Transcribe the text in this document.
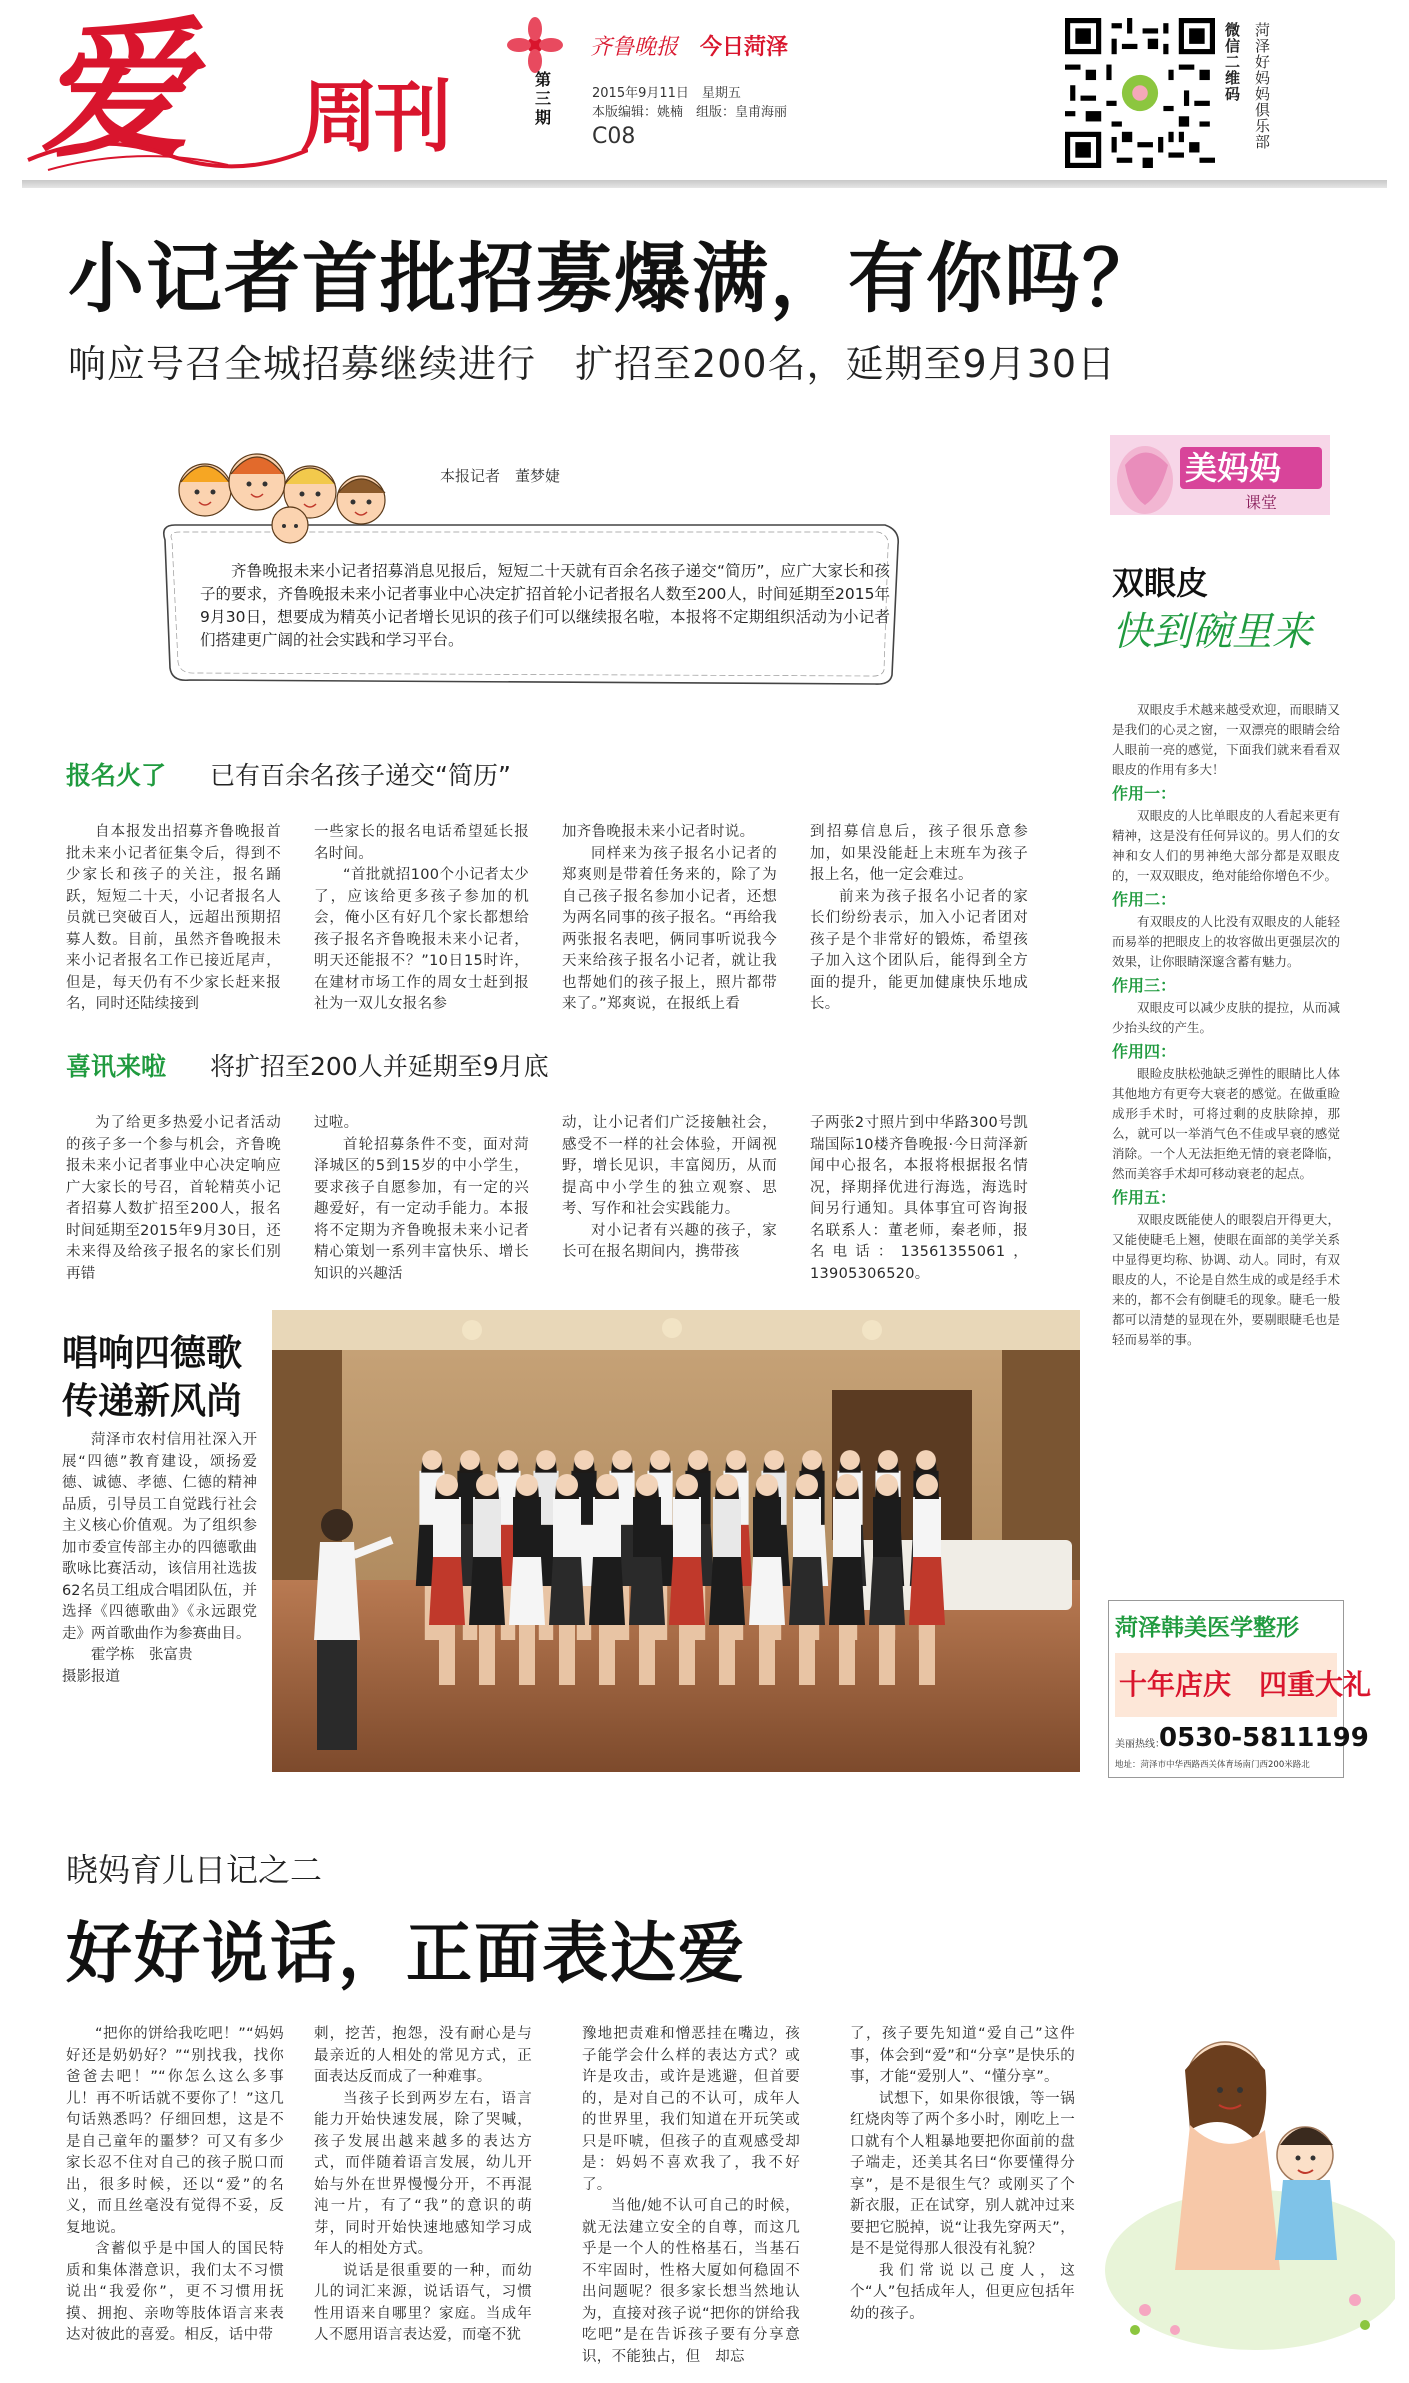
爱 周刊	第三期
齐鲁晚报 今日菏泽
2015年9月11日　星期五
本版编辑：姚楠　组版：皇甫海丽
C08
微信二维码
菏泽好妈妈俱乐部
小记者首批招募爆满，有你吗？
响应号召全城招募继续进行　扩招至200名，延期至9月30日
本报记者　董梦婕

齐鲁晚报未来小记者招募消息见报后，短短二十天就有百余名孩子递交“简历”，应广大家长和孩子的要求，齐鲁晚报未来小记者事业中心决定扩招首轮小记者报名人数至200人，时间延期至2015年9月30日，想要成为精英小记者增长见识的孩子们可以继续报名啦，本报将不定期组织活动为小记者们搭建更广阔的社会实践和学习平台。

报名火了 已有百余名孩子递交“简历”

自本报发出招募齐鲁晚报首批未来小记者征集令后，得到不少家长和孩子的关注，报名踊跃，短短二十天，小记者报名人员就已突破百人，远超出预期招募人数。目前，虽然齐鲁晚报未来小记者报名工作已接近尾声，但是，每天仍有不少家长赶来报名，同时还陆续接到

一些家长的报名电话希望延长报名时间。

“首批就招100个小记者太少了，应该给更多孩子参加的机会，俺小区有好几个家长都想给孩子报名齐鲁晚报未来小记者，明天还能报不？”10日15时许，在建材市场工作的周女士赶到报社为一双儿女报名参

加齐鲁晚报未来小记者时说。

同样来为孩子报名小记者的郑爽则是带着任务来的，除了为自己孩子报名参加小记者，还想为两名同事的孩子报名。“再给我两张报名表吧，俩同事听说我今天来给孩子报名小记者，就让我也帮她们的孩子报上，照片都带来了。”郑爽说，在报纸上看

到招募信息后，孩子很乐意参加，如果没能赶上末班车为孩子报上名，他一定会难过。

前来为孩子报名小记者的家长们纷纷表示，加入小记者团对孩子是个非常好的锻炼，希望孩子加入这个团队后，能得到全方面的提升，能更加健康快乐地成长。

喜讯来啦 将扩招至200人并延期至9月底

为了给更多热爱小记者活动的孩子多一个参与机会，齐鲁晚报未来小记者事业中心决定响应广大家长的号召，首轮精英小记者招募人数扩招至200人，报名时间延期至2015年9月30日，还未来得及给孩子报名的家长们别再错

过啦。

首轮招募条件不变，面对菏泽城区的5到15岁的中小学生，要求孩子自愿参加，有一定的兴趣爱好，有一定动手能力。本报将不定期为齐鲁晚报未来小记者精心策划一系列丰富快乐、增长知识的兴趣活

动，让小记者们广泛接触社会，感受不一样的社会体验，开阔视野，增长见识，丰富阅历，从而提高中小学生的独立观察、思考、写作和社会实践能力。

对小记者有兴趣的孩子，家长可在报名期间内，携带孩

子两张2寸照片到中华路300号凯瑞国际10楼齐鲁晚报·今日菏泽新闻中心报名，本报将根据报名情况，择期择优进行海选，海选时间另行通知。具体事宜可咨询报名联系人：董老师，秦老师，报名电话：13561355061，13905306520。

美妈妈
课堂
双眼皮
快到碗里来

双眼皮手术越来越受欢迎，而眼睛又是我们的心灵之窗，一双漂亮的眼睛会给人眼前一亮的感觉，下面我们就来看看双眼皮的作用有多大！

作用一：

双眼皮的人比单眼皮的人看起来更有精神，这是没有任何异议的。男人们的女神和女人们的男神绝大部分都是双眼皮的，一双双眼皮，绝对能给你增色不少。

作用二：

有双眼皮的人比没有双眼皮的人能轻而易举的把眼皮上的妆容做出更强层次的效果，让你眼睛深邃含蓄有魅力。

作用三：

双眼皮可以减少皮肤的提拉，从而减少抬头纹的产生。

作用四：

眼睑皮肤松弛缺乏弹性的眼睛比人体其他地方有更夸大衰老的感觉。在做重睑成形手术时，可将过剩的皮肤除掉，那么，就可以一举消气色不佳或早衰的感觉消除。一个人无法拒绝无情的衰老降临，然而美容手术却可移动衰老的起点。

作用五：

双眼皮既能使人的眼裂启开得更大，又能使睫毛上翘，使眼在面部的美学关系中显得更均称、协调、动人。同时，有双眼皮的人，不论是自然生成的或是经手术来的，都不会有倒睫毛的现象。睫毛一般都可以清楚的显现在外，要剔眼睫毛也是轻而易举的事。

菏泽韩美医学整形
十年店庆　四重大礼
美丽热线：
0530-5811199
地址：菏泽市中华西路西关体育场南门西200米路北
唱响四德歌
传递新风尚

菏泽市农村信用社深入开展“四德”教育建设，颂扬爱德、诚德、孝德、仁德的精神品质，引导员工自觉践行社会主义核心价值观。为了组织参加市委宣传部主办的四德歌曲歌咏比赛活动，该信用社选拔62名员工组成合唱团队伍，并选择《四德歌曲》《永远跟党走》两首歌曲作为参赛曲目。

霍学栋　张富贵
摄影报道
晓妈育儿日记之二
好好说话，正面表达爱

“把你的饼给我吃吧！”“妈妈好还是奶奶好？”“别找我，找你爸爸去吧！”“你怎么这么多事儿！再不听话就不要你了！”这几句话熟悉吗？仔细回想，这是不是自己童年的噩梦？可又有多少家长忍不住对自己的孩子脱口而出，很多时候，还以“爱”的名义，而且丝毫没有觉得不妥，反复地说。

含蓄似乎是中国人的国民特质和集体潜意识，我们太不习惯说出“我爱你”，更不习惯用抚摸、拥抱、亲吻等肢体语言来表达对彼此的喜爱。相反，话中带

刺，挖苦，抱怨，没有耐心是与最亲近的人相处的常见方式，正面表达反而成了一种难事。

当孩子长到两岁左右，语言能力开始快速发展，除了哭喊，孩子发展出越来越多的表达方式，而伴随着语言发展，幼儿开始与外在世界慢慢分开，不再混沌一片，有了“我”的意识的萌芽，同时开始快速地感知学习成年人的相处方式。

说话是很重要的一种，而幼儿的词汇来源，说话语气，习惯性用语来自哪里？家庭。当成年人不愿用语言表达爱，而毫不犹

豫地把责难和憎恶挂在嘴边，孩子能学会什么样的表达方式？或许是攻击，或许是逃避，但首要的，是对自己的不认可，成年人的世界里，我们知道在开玩笑或只是吓唬，但孩子的直观感受却是：妈妈不喜欢我了，我不好了。

当他/她不认可自己的时候，就无法建立安全的自尊，而这几乎是一个人的性格基石，当基石不牢固时，性格大厦如何稳固不出问题呢？很多家长想当然地认为，直接对孩子说“把你的饼给我吃吧”是在告诉孩子要有分享意识，不能独占，但　却忘

了，孩子要先知道“爱自己”这件事，体会到“爱”和“分享”是快乐的事，才能“爱别人”、“懂分享”。

试想下，如果你很饿，等一锅红烧肉等了两个多小时，刚吃上一口就有个人粗暴地要把你面前的盘子端走，还美其名曰“你要懂得分享”，是不是很生气？或刚买了个新衣服，正在试穿，别人就冲过来要把它脱掉，说“让我先穿两天”，是不是觉得那人很没有礼貌？

我们常说以己度人，这个“人”包括成年人，但更应包括年幼的孩子。
